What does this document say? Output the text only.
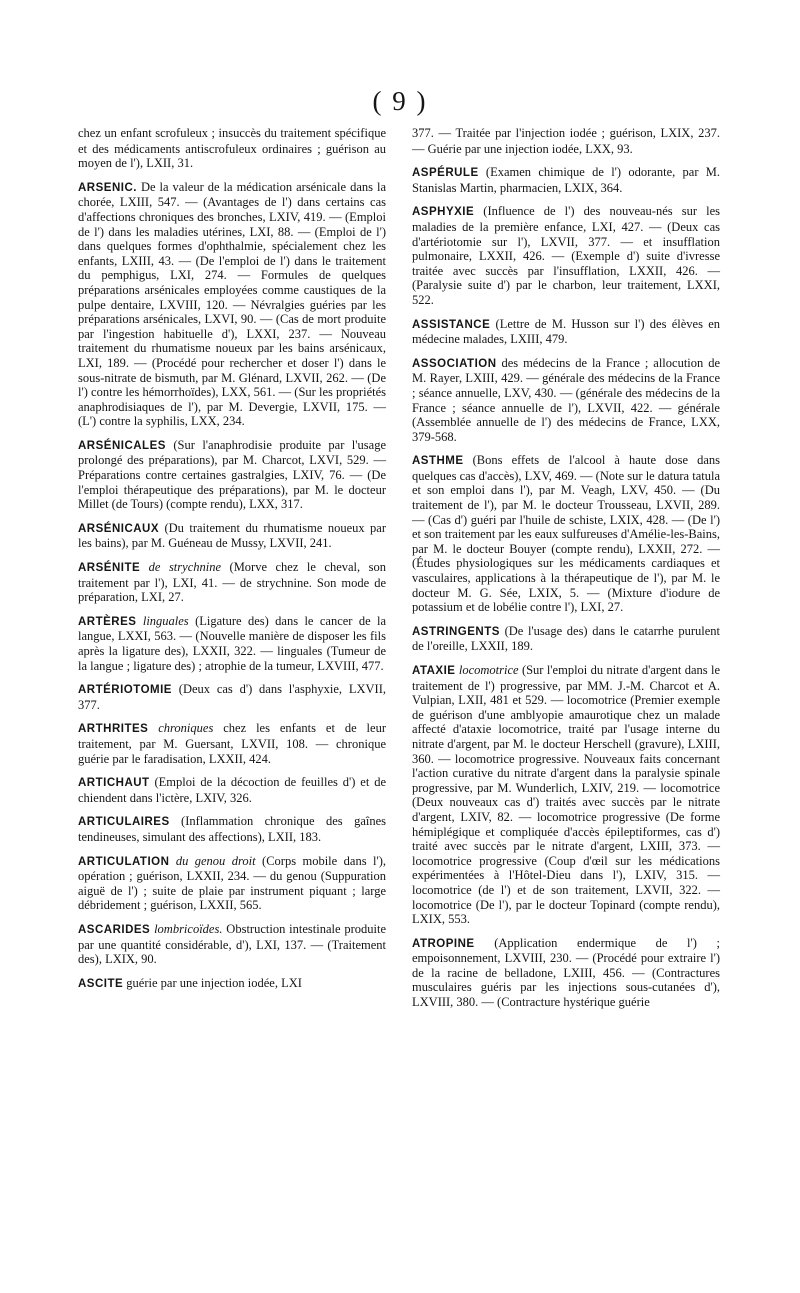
( 9 )

chez un enfant scrofuleux ; insuccès du traitement spécifique et des médicaments antiscrofuleux ordinaires ; guérison au moyen de l'), LXII, 31.

ARSENIC. De la valeur de la médication arsénicale dans la chorée, LXIII, 547. — (Avantages de l') dans certains cas d'affections chroniques des bronches, LXIV, 419. — (Emploi de l') dans les maladies utérines, LXI, 88. — (Emploi de l') dans quelques formes d'ophthalmie, spécialement chez les enfants, LXIII, 43. — (De l'emploi de l') dans le traitement du pemphigus, LXI, 274. — Formules de quelques préparations arsénicales employées comme caustiques de la pulpe dentaire, LXVIII, 120. — Névralgies guéries par les préparations arsénicales, LXVI, 90. — (Cas de mort produite par l'ingestion habituelle d'), LXXI, 237. — Nouveau traitement du rhumatisme noueux par les bains arsénicaux, LXI, 189. — (Procédé pour rechercher et doser l') dans le sous-nitrate de bismuth, par M. Glénard, LXVII, 262. — (De l') contre les hémorrhoïdes), LXX, 561. — (Sur les propriétés anaphrodisiaques de l'), par M. Devergie, LXVII, 175. — (L') contre la syphilis, LXX, 234.

ARSÉNICALES (Sur l'anaphrodisie produite par l'usage prolongé des préparations), par M. Charcot, LXVI, 529. — Préparations contre certaines gastralgies, LXIV, 76. — (De l'emploi thérapeutique des préparations), par M. le docteur Millet (de Tours) (compte rendu), LXX, 317.

ARSÉNICAUX (Du traitement du rhumatisme noueux par les bains), par M. Guéneau de Mussy, LXVII, 241.

ARSÉNITE de strychnine (Morve chez le cheval, son traitement par l'), LXI, 41. — de strychnine. Son mode de préparation, LXI, 27.

ARTÈRES linguales (Ligature des) dans le cancer de la langue, LXXI, 563. — (Nouvelle manière de disposer les fils après la ligature des), LXXII, 322. — linguales (Tumeur de la langue ; ligature des) ; atrophie de la tumeur, LXVIII, 477.

ARTÉRIOTOMIE (Deux cas d') dans l'asphyxie, LXVII, 377.

ARTHRITES chroniques chez les enfants et de leur traitement, par M. Guersant, LXVII, 108. — chronique guérie par le faradisation, LXXII, 424.

ARTICHAUT (Emploi de la décoction de feuilles d') et de chiendent dans l'ictère, LXIV, 326.

ARTICULAIRES (Inflammation chronique des gaînes tendineuses, simulant des affections), LXII, 183.

ARTICULATION du genou droit (Corps mobile dans l'), opération ; guérison, LXXII, 234. — du genou (Suppuration aiguë de l') ; suite de plaie par instrument piquant ; large débridement ; guérison, LXXII, 565.

ASCARIDES lombricoïdes. Obstruction intestinale produite par une quantité considérable, d'), LXI, 137. — (Traitement des), LXIX, 90.

ASCITE guérie par une injection iodée, LXI

377. — Traitée par l'injection iodée ; guérison, LXIX, 237. — Guérie par une injection iodée, LXX, 93.

ASPÉRULE (Examen chimique de l') odorante, par M. Stanislas Martin, pharmacien, LXIX, 364.

ASPHYXIE (Influence de l') des nouveau-nés sur les maladies de la première enfance, LXI, 427. — (Deux cas d'artériotomie sur l'), LXVII, 377. — et insufflation pulmonaire, LXXII, 426. — (Exemple d') suite d'ivresse traitée avec succès par l'insufflation, LXXII, 426. — (Paralysie suite d') par le charbon, leur traitement, LXXI, 522.

ASSISTANCE (Lettre de M. Husson sur l') des élèves en médecine malades, LXIII, 479.

ASSOCIATION des médecins de la France ; allocution de M. Rayer, LXIII, 429. — générale des médecins de la France ; séance annuelle, LXV, 430. — (générale des médecins de la France ; séance annuelle de l'), LXVII, 422. — générale (Assemblée annuelle de l') des médecins de France, LXX, 379-568.

ASTHME (Bons effets de l'alcool à haute dose dans quelques cas d'accès), LXV, 469. — (Note sur le datura tatula et son emploi dans l'), par M. Veagh, LXV, 450. — (Du traitement de l'), par M. le docteur Trousseau, LXVII, 289. — (Cas d') guéri par l'huile de schiste, LXIX, 428. — (De l') et son traitement par les eaux sulfureuses d'Amélie-les-Bains, par M. le docteur Bouyer (compte rendu), LXXII, 272. — (Études physiologiques sur les médicaments cardiaques et vasculaires, applications à la thérapeutique de l'), par M. le docteur M. G. Sée, LXIX, 5. — (Mixture d'iodure de potassium et de lobélie contre l'), LXI, 27.

ASTRINGENTS (De l'usage des) dans le catarrhe purulent de l'oreille, LXXII, 189.

ATAXIE locomotrice (Sur l'emploi du nitrate d'argent dans le traitement de l') progressive, par MM. J.-M. Charcot et A. Vulpian, LXII, 481 et 529. — locomotrice (Premier exemple de guérison d'une amblyopie amaurotique chez un malade affecté d'ataxie locomotrice, traité par l'usage interne du nitrate d'argent, par M. le docteur Herschell (gravure), LXIII, 360. — locomotrice progressive. Nouveaux faits concernant l'action curative du nitrate d'argent dans la paralysie spinale progressive, par M. Wunderlich, LXIV, 219. — locomotrice (Deux nouveaux cas d') traités avec succès par le nitrate d'argent, LXIV, 82. — locomotrice progressive (De forme hémiplégique et compliquée d'accès épileptiformes, cas d') traité avec succès par le nitrate d'argent, LXIII, 373. — locomotrice progressive (Coup d'œil sur les médications expérimentées à l'Hôtel-Dieu dans l'), LXIV, 315. — locomotrice (de l') et de son traitement, LXVII, 322. — locomotrice (De l'), par le docteur Topinard (compte rendu), LXIX, 553.

ATROPINE (Application endermique de l') ; empoisonnement, LXVIII, 230. — (Procédé pour extraire l') de la racine de belladone, LXIII, 456. — (Contractures musculaires guéris par les injections sous-cutanées d'), LXVIII, 380. — (Contracture hystérique guérie
